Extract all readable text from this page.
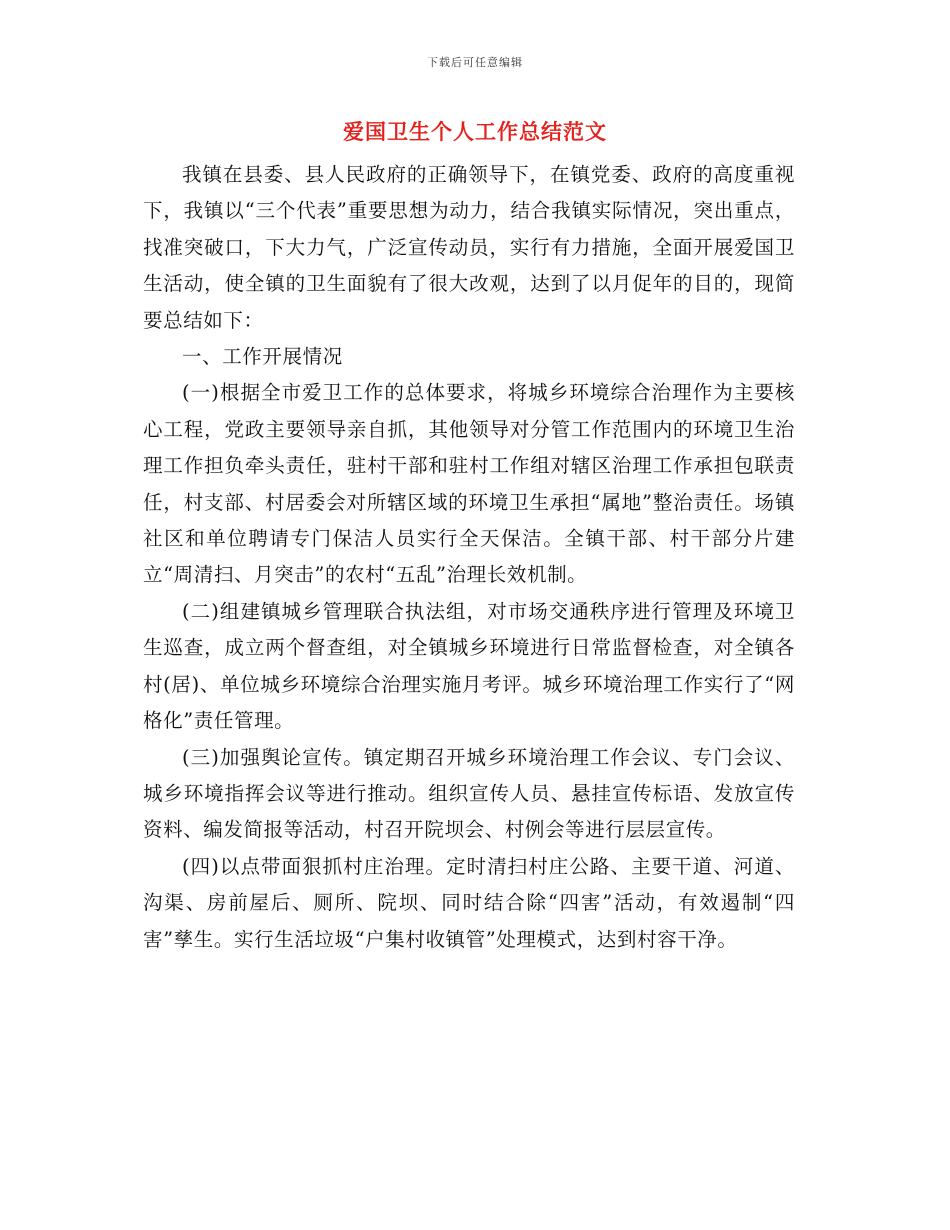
下载后可任意编辑
爱国卫生个人工作总结范文

我镇在县委、县人民政府的正确领导下，在镇党委、政府的高度重视下，我镇以“三个代表”重要思想为动力，结合我镇实际情况，突出重点，找准突破口，下大力气，广泛宣传动员，实行有力措施，全面开展爱国卫生活动，使全镇的卫生面貌有了很大改观，达到了以月促年的目的，现简要总结如下：

一、工作开展情况

(一)根据全市爱卫工作的总体要求，将城乡环境综合治理作为主要核心工程，党政主要领导亲自抓，其他领导对分管工作范围内的环境卫生治理工作担负牵头责任，驻村干部和驻村工作组对辖区治理工作承担包联责任，村支部、村居委会对所辖区域的环境卫生承担“属地”整治责任。场镇社区和单位聘请专门保洁人员实行全天保洁。全镇干部、村干部分片建立“周清扫、月突击”的农村“五乱”治理长效机制。

(二)组建镇城乡管理联合执法组，对市场交通秩序进行管理及环境卫生巡查，成立两个督查组，对全镇城乡环境进行日常监督检查，对全镇各村(居)、单位城乡环境综合治理实施月考评。城乡环境治理工作实行了“网格化”责任管理。

(三)加强舆论宣传。镇定期召开城乡环境治理工作会议、专门会议、城乡环境指挥会议等进行推动。组织宣传人员、悬挂宣传标语、发放宣传资料、编发简报等活动，村召开院坝会、村例会等进行层层宣传。

(四)以点带面狠抓村庄治理。定时清扫村庄公路、主要干道、河道、沟渠、房前屋后、厕所、院坝、同时结合除“四害”活动，有效遏制“四害”孳生。实行生活垃圾“户集村收镇管”处理模式，达到村容干净。
